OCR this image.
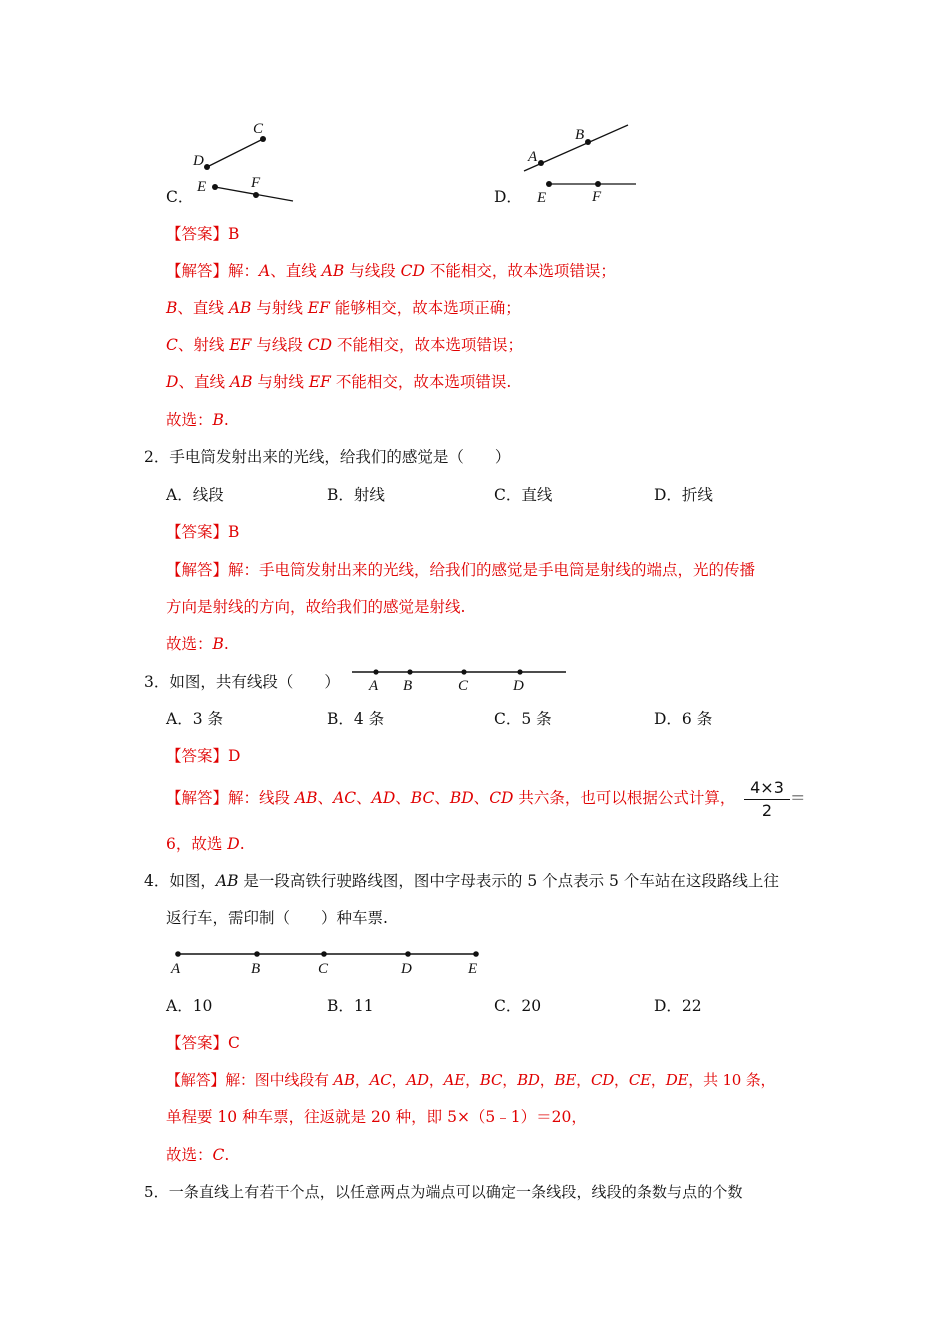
D
C
E	F
C．
A
B
E	F
D．
【答案】B
【解答】解：A、直线 AB 与线段 CD 不能相交，故本选项错误；
B、直线 AB 与射线 EF 能够相交，故本选项正确；
C、射线 EF 与线段 CD 不能相交，故本选项错误；
D、直线 AB 与射线 EF 不能相交，故本选项错误.
故选：B.
2．手电筒发射出来的光线，给我们的感觉是（　　）
A．线段	B．射线	C．直线	D．折线
【答案】B
【解答】解：手电筒发射出来的光线，给我们的感觉是手电筒是射线的端点，光的传播
方向是射线的方向，故给我们的感觉是射线.
故选：B.
3．如图，共有线段（　　） A B	C	D
A．3 条	B．4 条	C．5 条	D．6 条
【答案】D
【解答】解：线段 AB、AC、AD、BC、BD、CD 共六条，也可以根据公式计算，
4×3
2
＝
6，故选 D.
4．如图，AB 是一段高铁行驶路线图，图中字母表示的 5 个点表示 5 个车站在这段路线上往
返行车，需印制（　　）种车票.
A	B	C	D	E
A．10	B．11	C．20	D．22
【答案】C
【解答】解：图中线段有 AB，AC，AD，AE，BC，BD，BE，CD，CE，DE，共 10 条，
单程要 10 种车票，往返就是 20 种，即 5×（5﹣1）＝20，
故选：C.
5．一条直线上有若干个点，以任意两点为端点可以确定一条线段，线段的条数与点的个数
